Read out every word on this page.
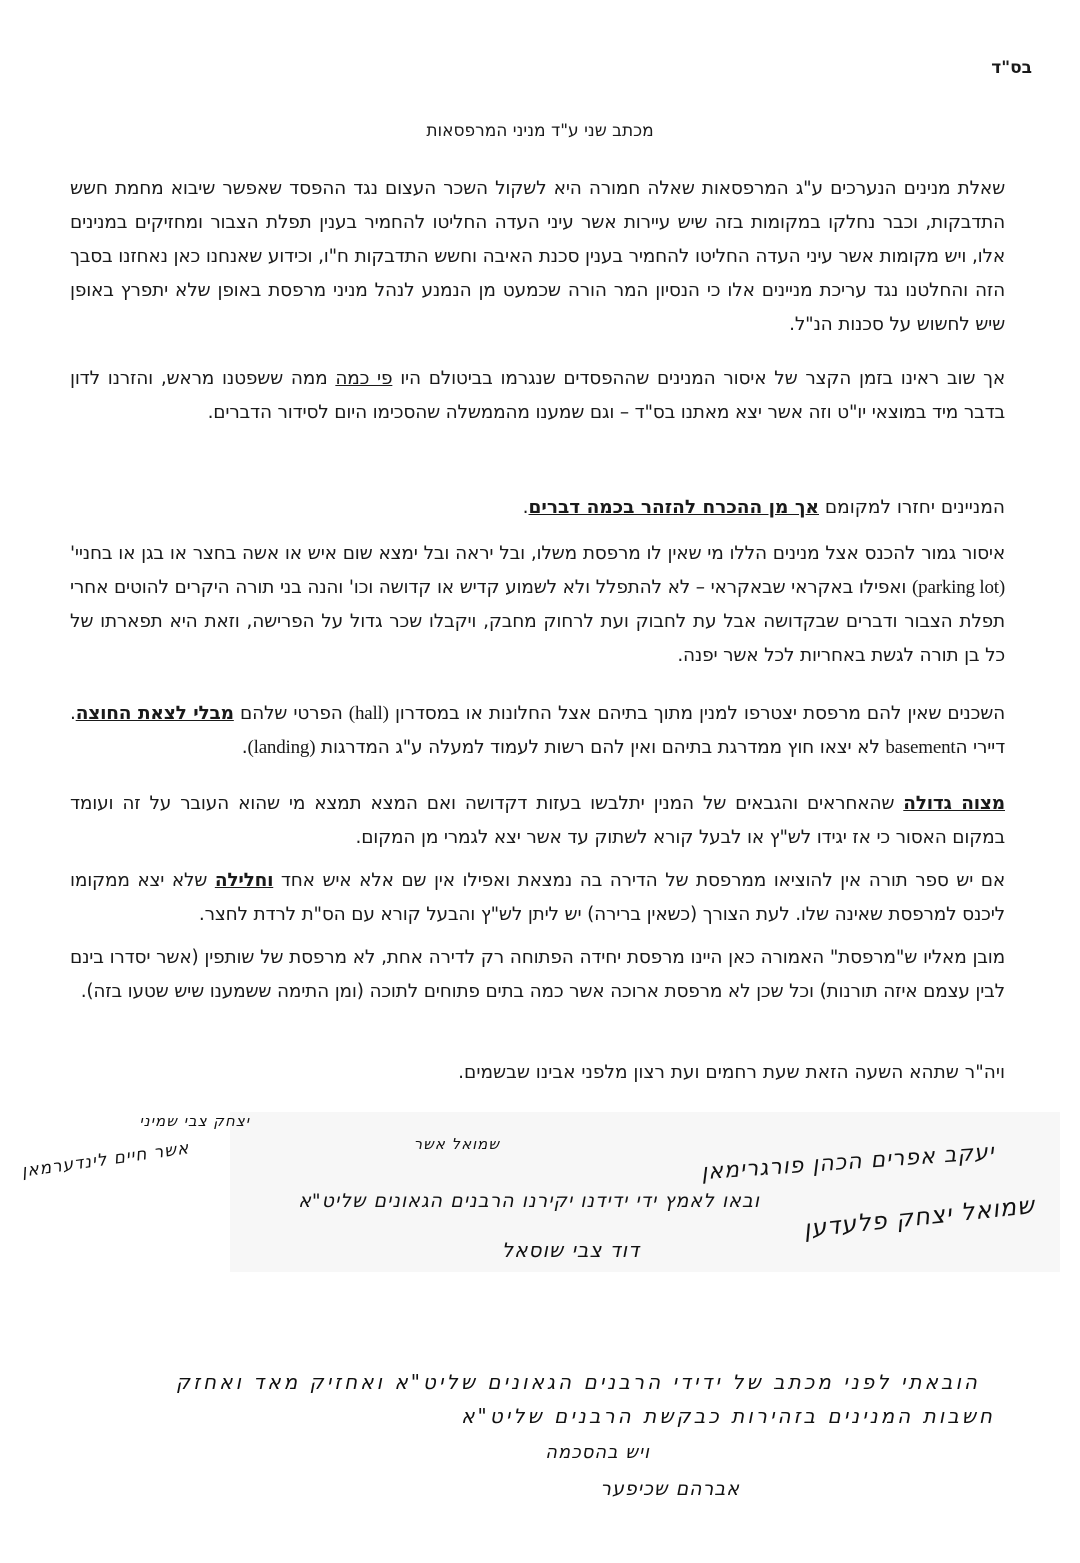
בס"ד
מכתב שני ע"ד מניני המרפסאות
שאלת מנינים הנערכים ע"ג המרפסאות שאלה חמורה היא לשקול השכר העצום נגד ההפסד שאפשר שיבוא מחמת חשש התדבקות, וכבר נחלקו במקומות בזה שיש עיירות אשר עיני העדה החליטו להחמיר בענין תפלת הצבור ומחזיקים במנינים אלו, ויש מקומות אשר עיני העדה החליטו להחמיר בענין סכנת האיבה וחשש התדבקות ח"ו, וכידוע שאנחנו כאן נאחזנו בסבך הזה והחלטנו נגד עריכת מניינים אלו כי הנסיון המר הורה שכמעט מן הנמנע לנהל מניני מרפסת באופן שלא יתפרץ באופן שיש לחשוש על סכנות הנ"ל.
אך שוב ראינו בזמן הקצר של איסור המנינים שההפסדים שנגרמו בביטולם היו פי כמה ממה ששפטנו מראש, והזרנו לדון בדבר מיד במוצאי יו"ט וזה אשר יצא מאתנו בס"ד – וגם שמענו מהממשלה שהסכימו היום לסידור הדברים.
המניינים יחזרו למקומם אך מן ההכרח להזהר בכמה דברים.
איסור גמור להכנס אצל מנינים הללו מי שאין לו מרפסת משלו, ובל יראה ובל ימצא שום איש או אשה בחצר או בגן או בחניי' (parking lot) ואפילו באקראי שבאקראי – לא להתפלל ולא לשמוע קדיש או קדושה וכו' והנה בני תורה היקרים להוטים אחרי תפלת הצבור ודברים שבקדושה אבל עת לחבוק ועת לרחוק מחבק, ויקבלו שכר גדול על הפרישה, וזאת היא תפארתו של כל בן תורה לגשת באחריות לכל אשר יפנה.
השכנים שאין להם מרפסת יצטרפו למנין מתוך בתיהם אצל החלונות או במסדרון (hall) הפרטי שלהם מבלי לצאת החוצה. דיירי הbasement לא יצאו חוץ ממדרגת בתיהם ואין להם רשות לעמוד למעלה ע"ג המדרגות (landing).
מצוה גדולה שהאחראים והגבאים של המנין יתלבשו בעזות דקדושה ואם המצא תמצא מי שהוא העובר על זה ועומד במקום האסור כי אז יגידו לש"ץ או לבעל קורא לשתוק עד אשר יצא לגמרי מן המקום.
אם יש ספר תורה אין להוציאו ממרפסת של הדירה בה נמצאת ואפילו אין שם אלא איש אחד וחלילה שלא יצא ממקומו ליכנס למרפסת שאינה שלו. לעת הצורך (כשאין ברירה) יש ליתן לש"ץ והבעל קורא עם הס"ת לרדת לחצר.
מובן מאליו ש"מרפסת" האמורה כאן היינו מרפסת יחידה הפתוחה רק לדירה אחת, לא מרפסת של שותפין (אשר יסדרו בינם לבין עצמם איזה תורנות) וכל שכן לא מרפסת ארוכה אשר כמה בתים פתוחים לתוכה (ומן התימה ששמענו שיש שטעו בזה).
ויה"ר שתהא השעה הזאת שעת רחמים ועת רצון מלפני אבינו שבשמים.
יעקב אפרים הכהן פורגרימאן
שמואל יצחק פלעדען
שמואל אשר
יצחק צבי שמיני
אשר חיים לינדערמאן
ובאו לאמץ ידי ידידנו יקירנו הרבנים הגאונים שליט"א
דוד צבי שוסאל
הובאתי לפני מכתב של ידידי הרבנים הגאונים שליט"א ואחזיק מאד ואחזק
חשבות המנינים בזהירות כבקשת הרבנים שליט"א
ויש בהסכמה
אברהם שכיפער
